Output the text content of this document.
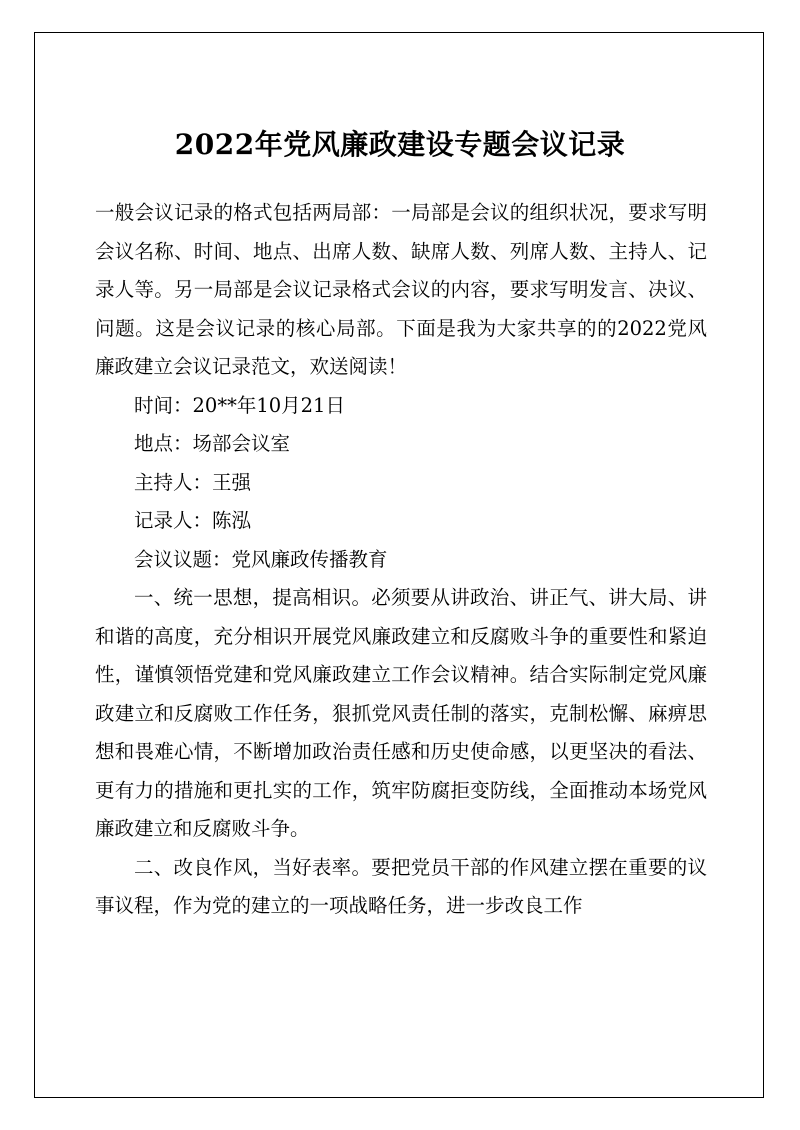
2022年党风廉政建设专题会议记录

一般会议记录的格式包括两局部：一局部是会议的组织状况，要求写明会议名称、时间、地点、出席人数、缺席人数、列席人数、主持人、记录人等。另一局部是会议记录格式会议的内容，要求写明发言、决议、问题。这是会议记录的核心局部。下面是我为大家共享的的2022党风廉政建立会议记录范文，欢送阅读！

时间：20**年10月21日

地点：场部会议室

主持人：王强

记录人：陈泓

会议议题：党风廉政传播教育

一、统一思想，提高相识。必须要从讲政治、讲正气、讲大局、讲和谐的高度，充分相识开展党风廉政建立和反腐败斗争的重要性和紧迫性，谨慎领悟党建和党风廉政建立工作会议精神。结合实际制定党风廉政建立和反腐败工作任务，狠抓党风责任制的落实，克制松懈、麻痹思想和畏难心情，不断增加政治责任感和历史使命感，以更坚决的看法、更有力的措施和更扎实的工作，筑牢防腐拒变防线，全面推动本场党风廉政建立和反腐败斗争。

二、改良作风，当好表率。要把党员干部的作风建立摆在重要的议事议程，作为党的建立的一项战略任务，进一步改良工作
